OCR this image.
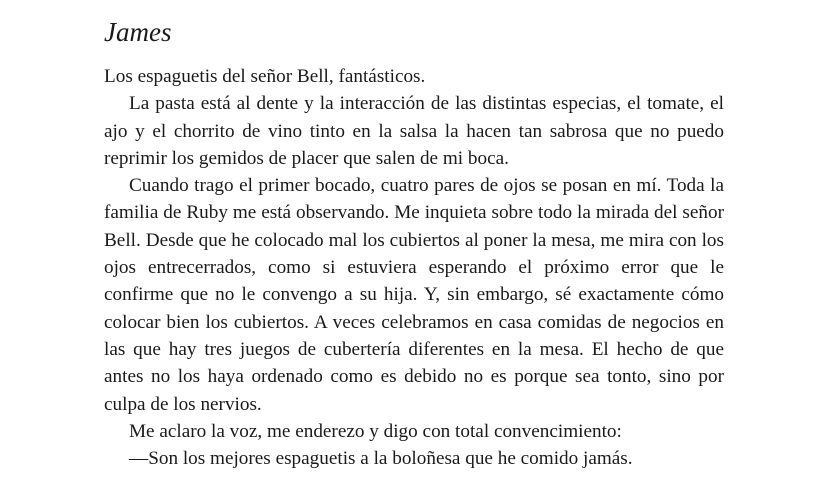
James

Los espaguetis del señor Bell, fantásticos.

La pasta está al dente y la interacción de las distintas especias, el tomate, el ajo y el chorrito de vino tinto en la salsa la hacen tan sabrosa que no puedo reprimir los gemidos de placer que salen de mi boca.

Cuando trago el primer bocado, cuatro pares de ojos se posan en mí. Toda la familia de Ruby me está observando. Me inquieta sobre todo la mirada del señor Bell. Desde que he colocado mal los cubiertos al poner la mesa, me mira con los ojos entrecerrados, como si estuviera esperando el próximo error que le confirme que no le convengo a su hija. Y, sin embargo, sé exactamente cómo colocar bien los cubiertos. A veces celebramos en casa comidas de negocios en las que hay tres juegos de cubertería diferentes en la mesa. El hecho de que antes no los haya ordenado como es debido no es porque sea tonto, sino por culpa de los nervios.

Me aclaro la voz, me enderezo y digo con total convencimiento:

—Son los mejores espaguetis a la boloñesa que he comido jamás.
